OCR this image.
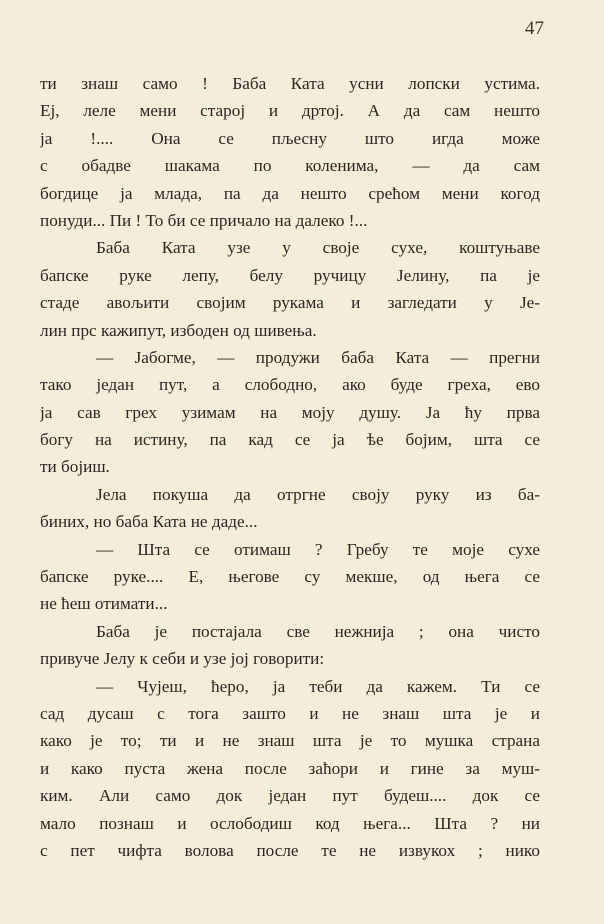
47
ти знаш само ! Баба Ката усни лопски устима.
Ej, леле мени старој и дртој. А да сам нешто
ја !.... Она се пљесну што игда може
с обадве шакама по коленима, — да сам
богдице ја млада, па да нешто срећом мени когод
понуди... Пи ! То би се причало на далеко !...
Баба Ката узе у своје сухе, коштуњаве
бапске руке лепу, белу ручицу Јелину, па је
стаде авољити својим рукама и загледати у Је-
лин прс кажипут, избоден од шивења.
— Јабогме, — продужи баба Ката — прегни
тако један пут, а слободно, ако буде греха, ево
ја сав грех узимам на моју душу. Ја ћу прва
богу на истину, па кад се ја ѣе бојим, шта се
ти бојиш.
Јела покуша да отргне своју руку из ба-
биних, но баба Ката не даде...
— Шта се отимаш ? Гребу те моје сухе
бапске руке.... Е, његове су мекше, од њега се
не ћеш отимати...
Баба је постајала све нежнија ; она чисто
привуче Јелу к себи и узе јој говорити:
— Чујеш, ћеро, ја теби да кажем. Ти се
сад дуcаш с тога зашто и не знаш шта је и
како је то; ти и не знаш шта је то мушка страна
и како пуста жена после заћори и гине за муш-
ким. Али само док један пут будеш.... док се
мало познаш и ослободиш код њега... Шта ? ни
с пет чифта волова после те не извукох ; нико
